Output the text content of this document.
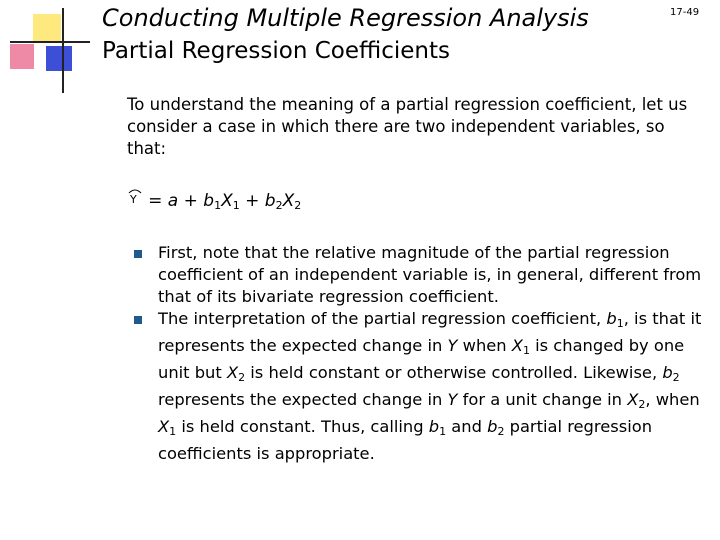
Conducting Multiple Regression Analysis	17-49
Partial Regression Coefficients
To understand the meaning of a partial regression coefficient, let us consider a case in which there are two independent variables, so that:
$Y = a + b_1X_1 + b_2X_2$
First, note that the relative magnitude of the partial regression coefficient of an independent variable is, in general, different from that of its bivariate regression coefficient.
The interpretation of the partial regression coefficient, $b_1$, is that it represents the expected change in Y when $X_1$ is changed by one unit but $X_2$ is held constant or otherwise controlled. Likewise, $b_2$ represents the expected change in Y for a unit change in $X_2$, when $X_1$ is held constant. Thus, calling $b_1$ and $b_2$ partial regression coefficients is appropriate.
